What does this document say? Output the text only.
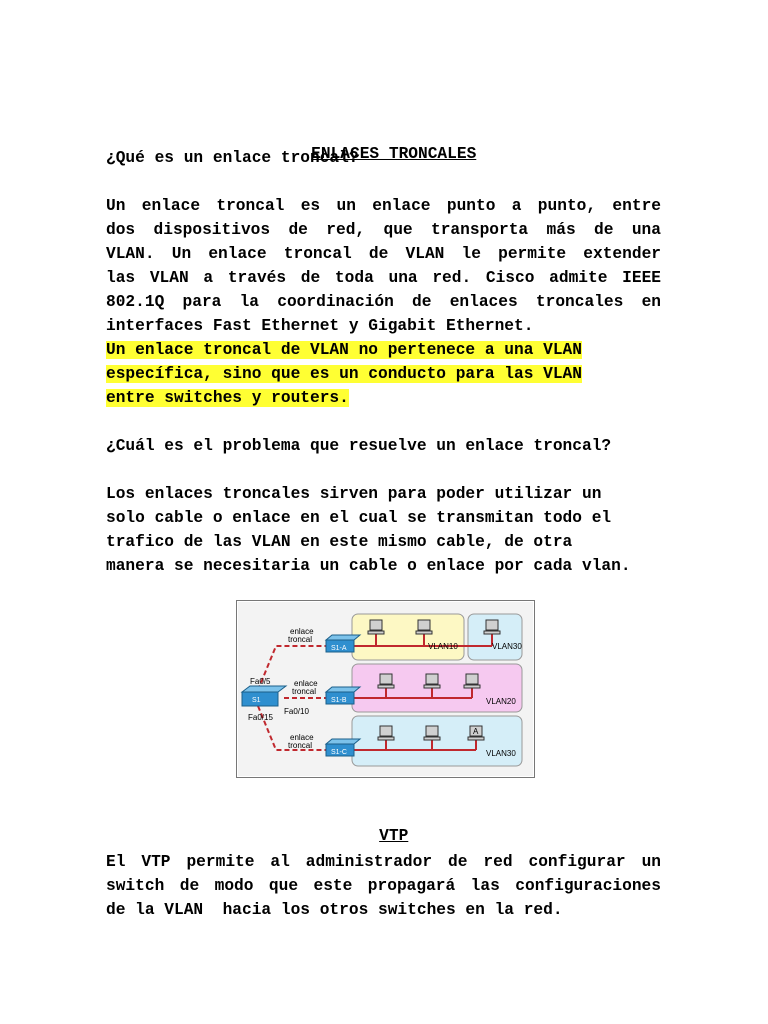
ENLACES TRONCALES

¿Qué es un enlace troncal?
Un enlace troncal es un enlace punto a punto, entre
dos dispositivos de red, que transporta más de una
VLAN. Un enlace troncal de VLAN le permite extender
las VLAN a través de toda una red. Cisco admite IEEE
802.1Q para la coordinación de enlaces troncales en
interfaces Fast Ethernet y Gigabit Ethernet.
Un enlace troncal de VLAN no pertenece a una VLAN
específica, sino que es un conducto para las VLAN
entre switches y routers.
¿Cuál es el problema que resuelve un enlace troncal?
Los enlaces troncales sirven para poder utilizar un
solo cable o enlace en el cual se transmitan todo el
trafico de las VLAN en este mismo cable, de otra
manera se necesitaria un cable o enlace por cada vlan.
enlace
troncal
enlace
troncal
enlace
troncal
Fa0/5
Fa0/10
Fa0/15
VLAN10	VLAN30
VLAN20
VLAN30
A
S1
S1-A
S1-B
S1-C

VTP

El VTP permite al administrador de red configurar un
switch de modo que este propagará las configuraciones
de la VLAN  hacia los otros switches en la red.
